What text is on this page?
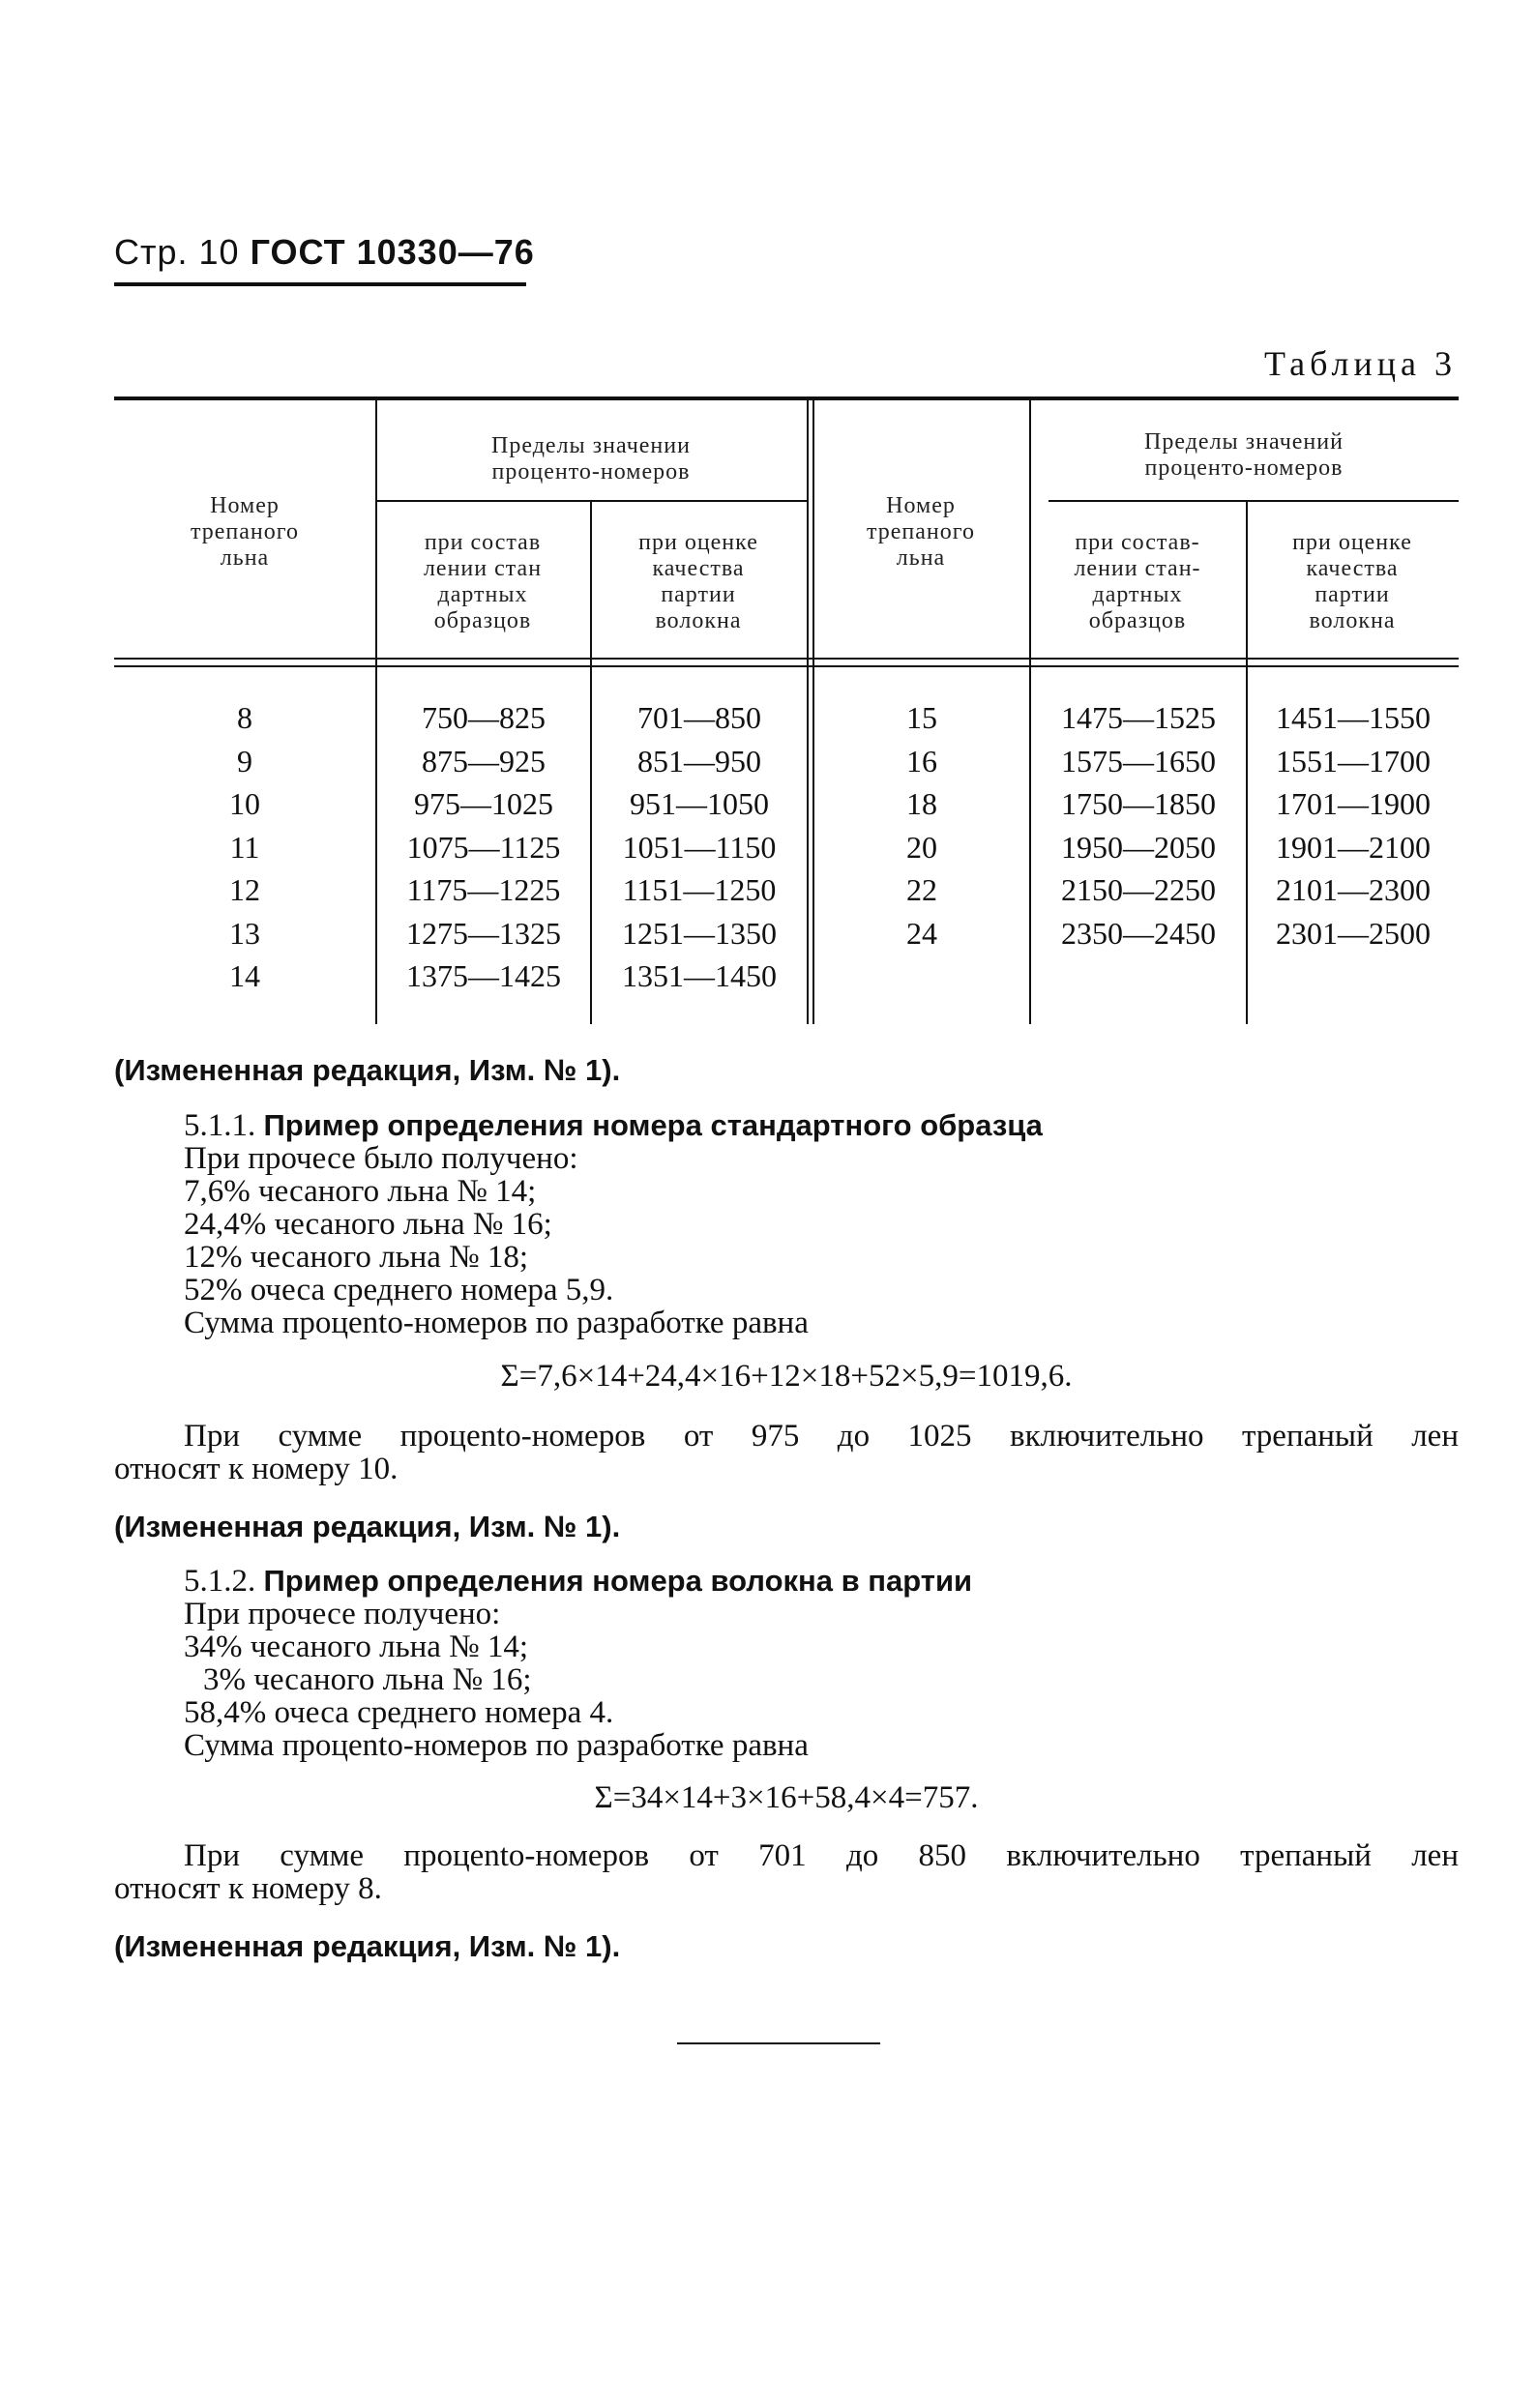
Стр. 10 ГОСТ 10330—76
Таблица 3
Номер
трепаного
льна
Пределы значении
проценто-номеров
при состав
лении стан
дартных
образцов
при оценке
качества
партии
волокна
Номер
трепаного
льна
Пределы значений
проценто-номеров
при состав-
лении стан-
дартных
образцов
при оценке
качества
партии
волокна
8
9
10
11
12
13
14
750—825
875—925
975—1025
1075—1125
1175—1225
1275—1325
1375—1425
701—850
851—950
951—1050
1051—1150
1151—1250
1251—1350
1351—1450
15
16
18
20
22
24
1475—1525
1575—1650
1750—1850
1950—2050
2150—2250
2350—2450
1451—1550
1551—1700
1701—1900
1901—2100
2101—2300
2301—2500
(Измененная редакция, Изм. № 1).
5.1.1. Пример определения номера стандартного образца
При прочесе было получено:
7,6% чесаного льна № 14;
24,4% чесаного льна № 16;
12% чесаного льна № 18;
52% очеса среднего номера 5,9.
Сумма процento-номеров по разработке равна
Σ=7,6×14+24,4×16+12×18+52×5,9=1019,6.
При сумме процento-номеров от 975 до 1025 включительно трепаный лен
относят к номеру 10.
(Измененная редакция, Изм. № 1).
5.1.2. Пример определения номера волокна в партии
При прочесе получено:
34% чесаного льна № 14;
3% чесаного льна № 16;
58,4% очеса среднего номера 4.
Сумма процento-номеров по разработке равна
Σ=34×14+3×16+58,4×4=757.
При сумме процento-номеров от 701 до 850 включительно трепаный лен
относят к номеру 8.
(Измененная редакция, Изм. № 1).
